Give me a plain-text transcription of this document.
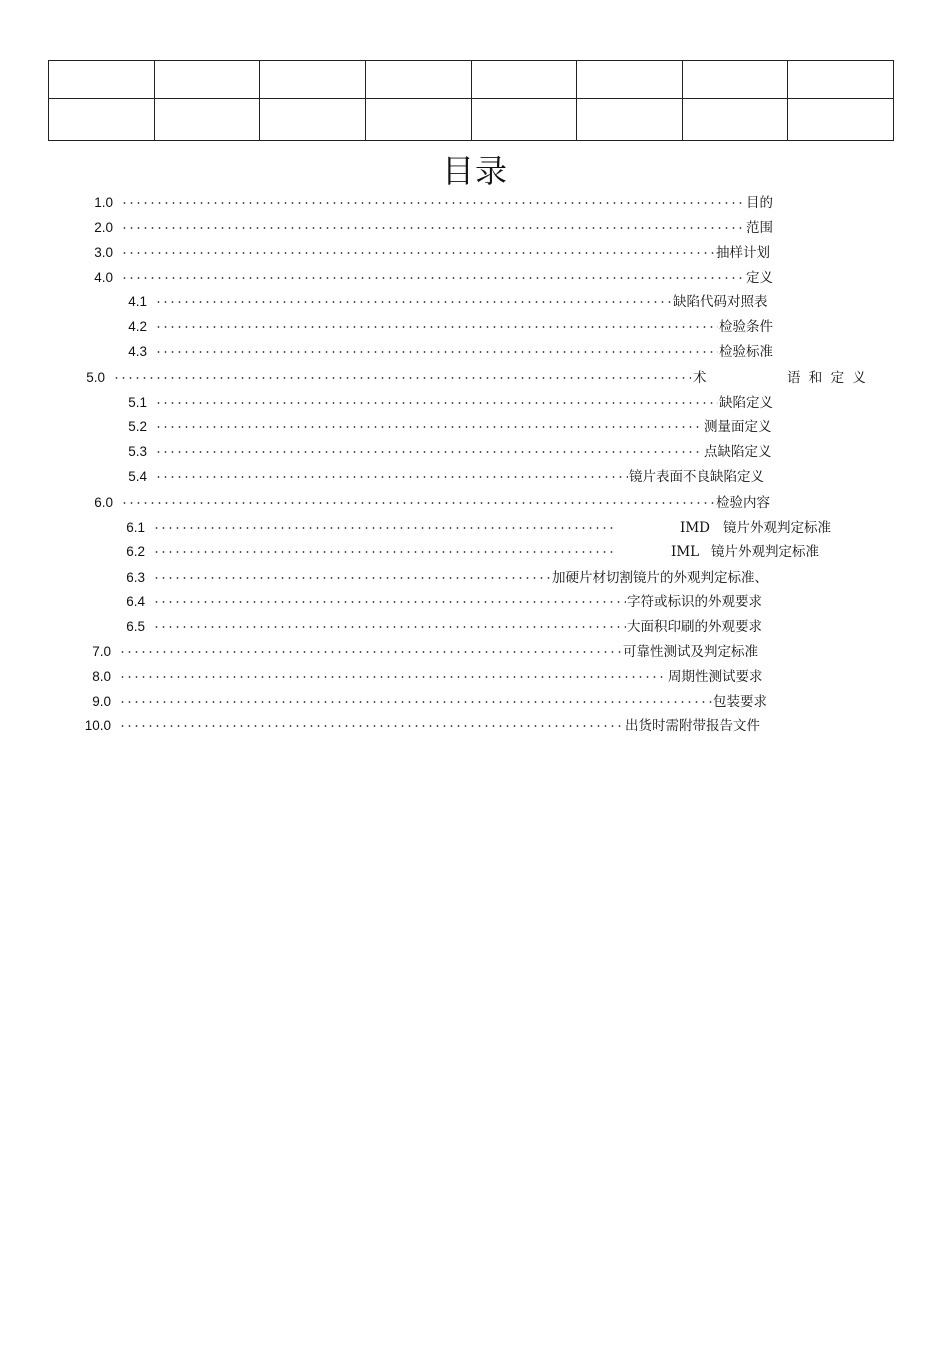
目录
1.0	目的
2.0	范围
3.0	抽样计划
4.0	定义
4.1	缺陷代码对照表
4.2	检验条件
4.3	检验标准
5.0	术	语 和 定 义
5.1	缺陷定义
5.2	测量面定义
5.3	点缺陷定义
5.4	镜片表面不良缺陷定义
6.0	检验内容
6.1	IMD 镜片外观判定标准
6.2	IML 镜片外观判定标准
6.3	加硬片材切割镜片的外观判定标准、
6.4	字符或标识的外观要求
6.5	大面积印刷的外观要求
7.0	可靠性测试及判定标准
8.0	周期性测试要求
9.0	包装要求
10.0	出货时需附带报告文件
